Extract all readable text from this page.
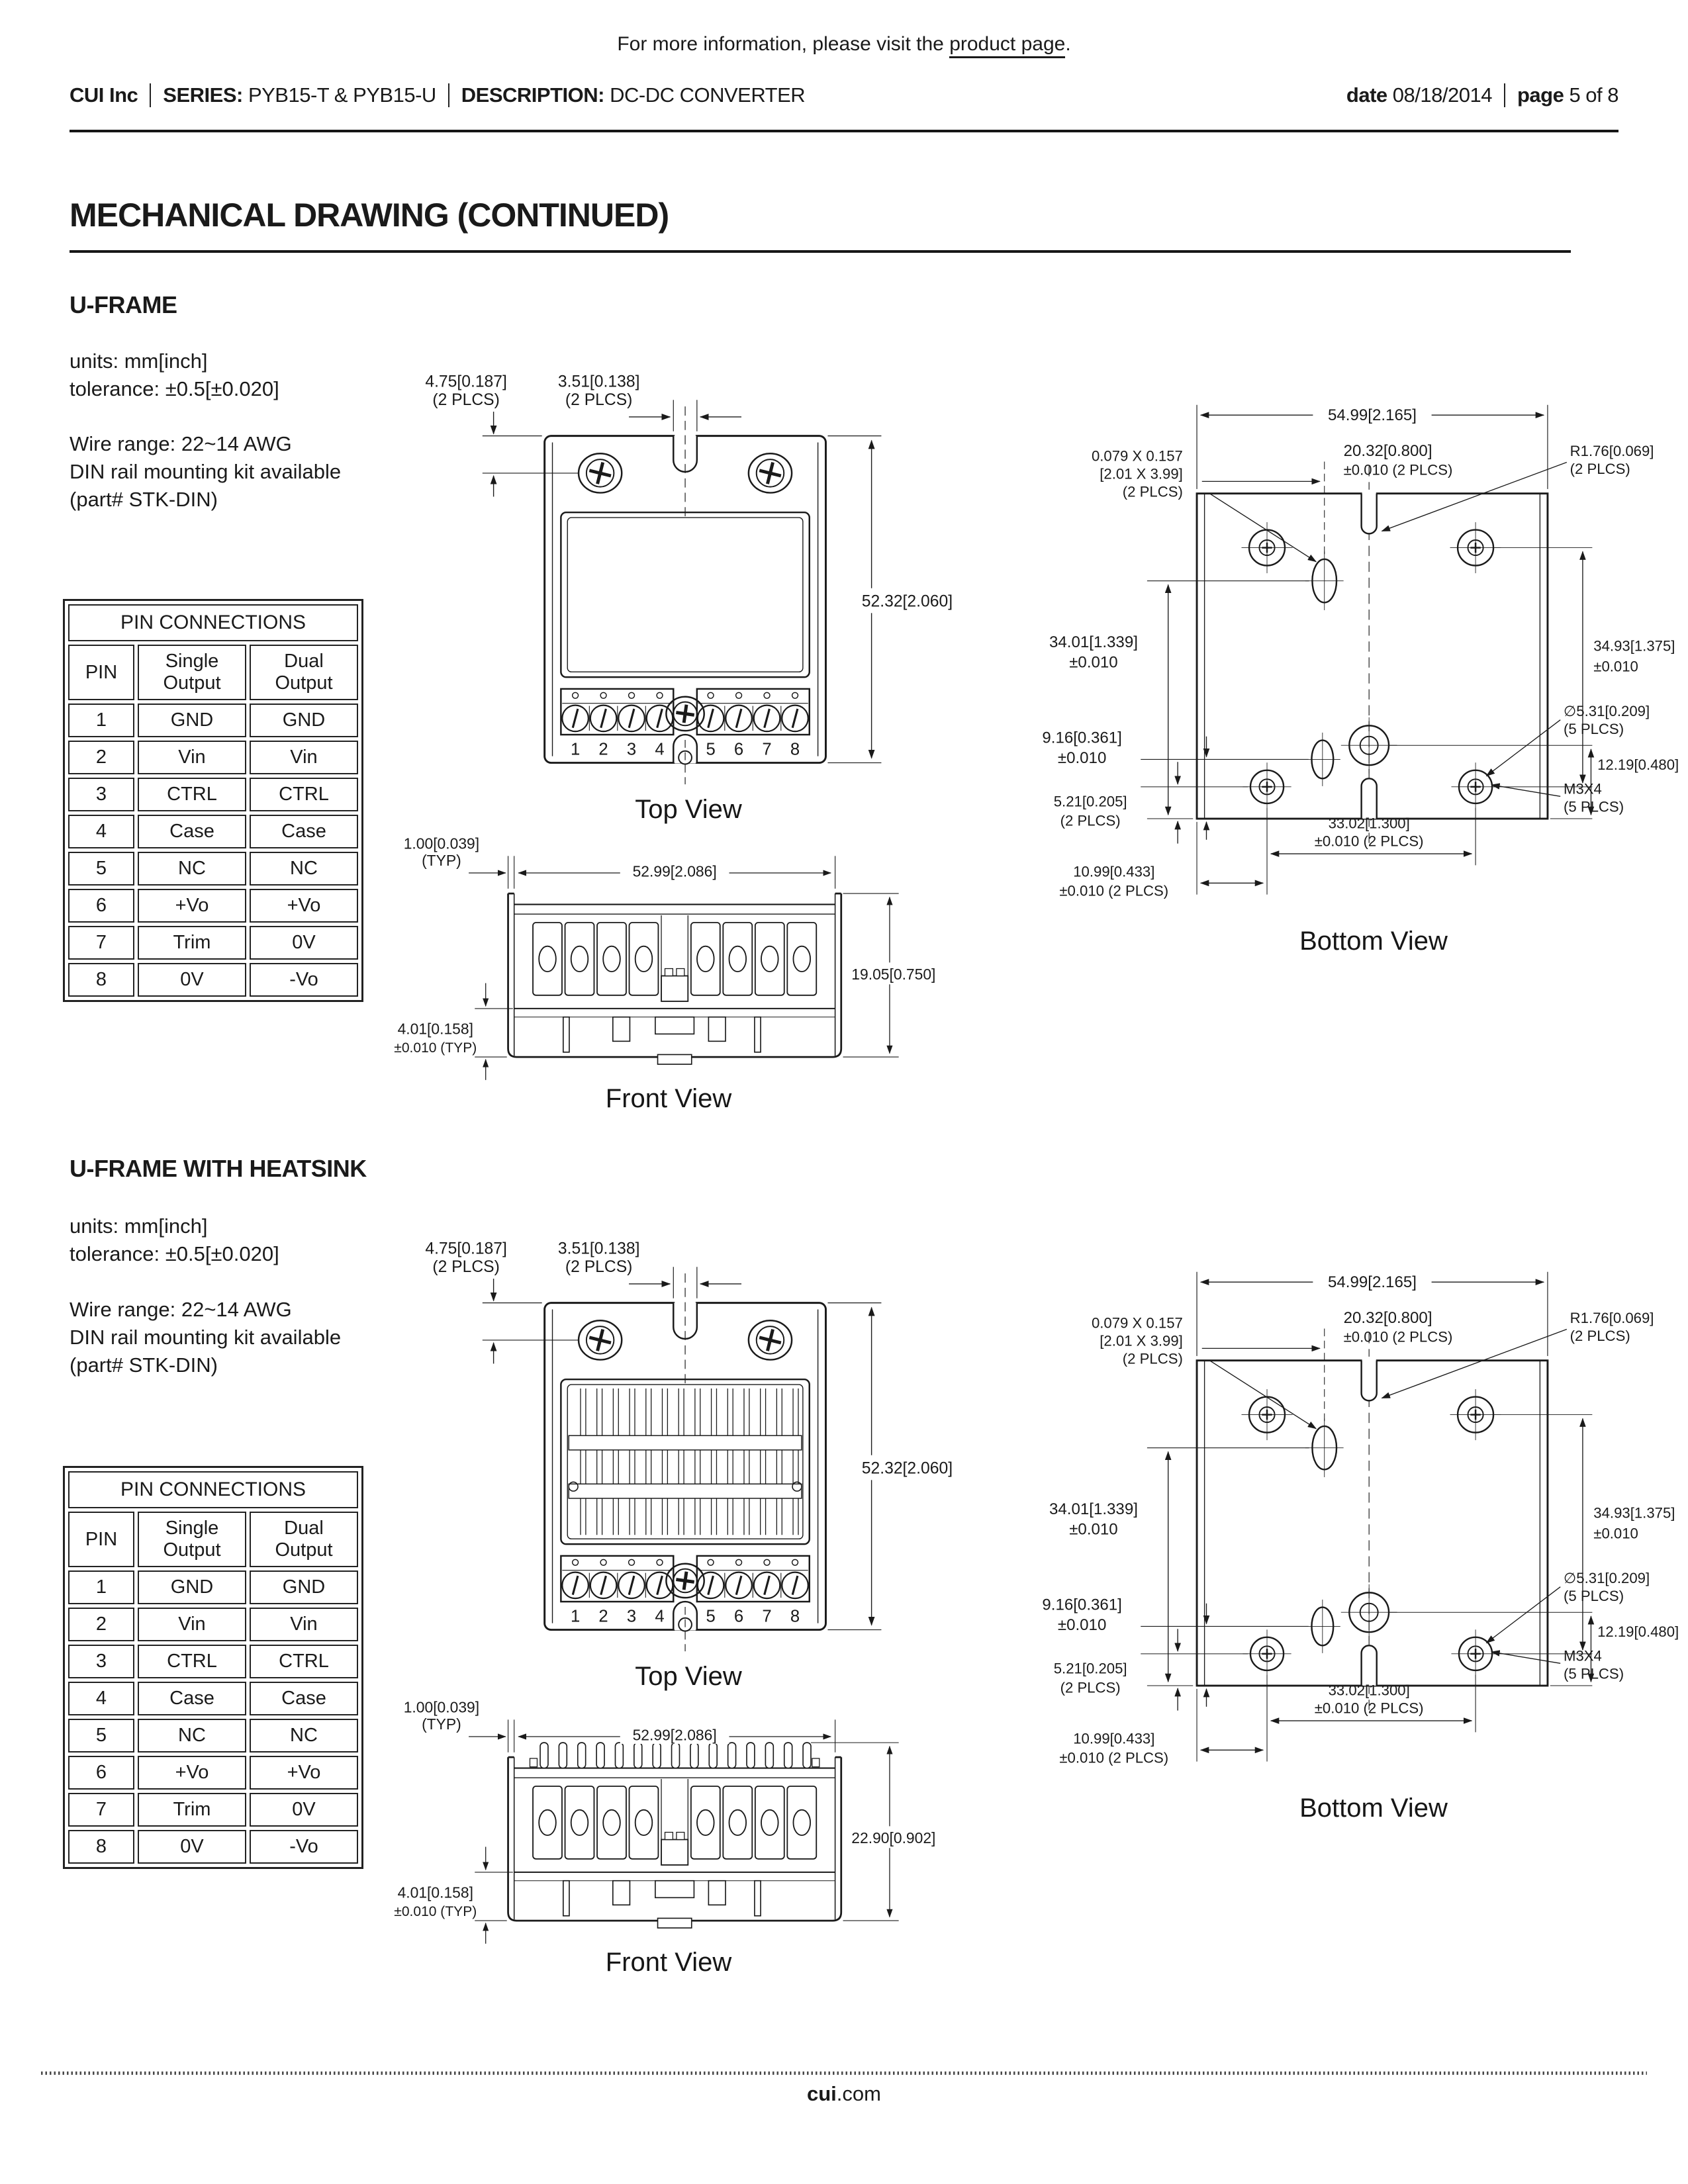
For more information, please visit the product page.
CUI Inc SERIES:
PYB15-T & PYB15-U DESCRIPTION:
DC-DC CONVERTER	date
08/18/2014 page
5 of 8
MECHANICAL DRAWING (CONTINUED)
U-FRAME

units: mm[inch]

tolerance: ±0.5[±0.020]

Wire range: 22~14 AWG

DIN rail mounting kit available

(part# STK-DIN)

PIN CONNECTIONS		
PIN	Single Output	Dual Output
1	GND	GND
2	Vin	Vin
3	CTRL	CTRL
4	Case	Case
5	NC	NC
6	+Vo	+Vo
7	Trim	0V
8	0V	-Vo
1 2 3 4 5 6 7 8
4.75[0.187]
(2 PLCS)
3.51[0.138]
(2 PLCS)
52.32[2.060]
Top View
1.00[0.039]
(TYP)
52.99[2.086]
19.05[0.750]
4.01[0.158]
±0.010 (TYP)
Front View
54.99[2.165]
20.32[0.800]
±0.010 (2 PLCS)
0.079 X 0.157
[2.01 X 3.99]
(2 PLCS)
R1.76[0.069]
(2 PLCS)
34.01[1.339]
±0.010
9.16[0.361]
±0.010
5.21[0.205]
(2 PLCS)
10.99[0.433]
±0.010 (2 PLCS)
33.02[1.300]
±0.010 (2 PLCS)
34.93[1.375]
±0.010
12.19[0.480]
∅5.31[0.209]
(5 PLCS)
M3X4
(5 PLCS)
Bottom View
U-FRAME WITH HEATSINK

units: mm[inch]

tolerance: ±0.5[±0.020]

Wire range: 22~14 AWG

DIN rail mounting kit available

(part# STK-DIN)

PIN CONNECTIONS		
PIN	Single Output	Dual Output
1	GND	GND
2	Vin	Vin
3	CTRL	CTRL
4	Case	Case
5	NC	NC
6	+Vo	+Vo
7	Trim	0V
8	0V	-Vo
1 2 3 4 5 6 7 8
4.75[0.187]
(2 PLCS)
3.51[0.138]
(2 PLCS)
52.32[2.060]
Top View
1.00[0.039]
(TYP)
52.99[2.086]
22.90[0.902]
4.01[0.158]
±0.010 (TYP)
Front View
54.99[2.165]
20.32[0.800]
±0.010 (2 PLCS)
0.079 X 0.157
[2.01 X 3.99]
(2 PLCS)
R1.76[0.069]
(2 PLCS)
34.01[1.339]
±0.010
9.16[0.361]
±0.010
5.21[0.205]
(2 PLCS)
10.99[0.433]
±0.010 (2 PLCS)
33.02[1.300]
±0.010 (2 PLCS)
34.93[1.375]
±0.010
12.19[0.480]
∅5.31[0.209]
(5 PLCS)
M3X4
(5 PLCS)
Bottom View
cui.com
